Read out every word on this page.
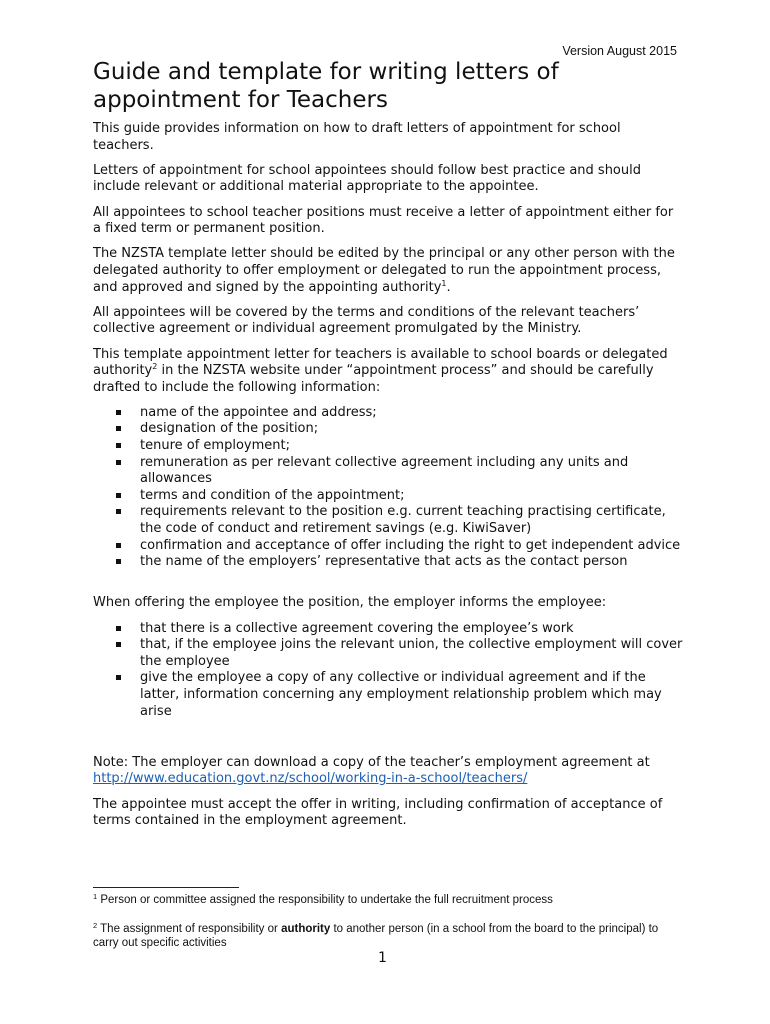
Version August 2015
Guide and template for writing letters of appointment for Teachers

This guide provides information on how to draft letters of appointment for school teachers.

Letters of appointment for school appointees should follow best practice and should include relevant or additional material appropriate to the appointee.

All appointees to school teacher positions must receive a letter of appointment either for a fixed term or permanent position.

The NZSTA template letter should be edited by the principal or any other person with the delegated authority to offer employment or delegated to run the appointment process, and approved and signed by the appointing authority$^1$.

All appointees will be covered by the terms and conditions of the relevant teachers’ collective agreement or individual agreement promulgated by the Ministry.

This template appointment letter for teachers is available to school boards or delegated authority$^2$ in the NZSTA website under “appointment process” and should be carefully drafted to include the following information:

name of the appointee and address;
designation of the position;
tenure of employment;
remuneration as per relevant collective agreement including any units and allowances
terms and condition of the appointment;
requirements relevant to the position e.g. current teaching practising certificate, the code of conduct and retirement savings (e.g. KiwiSaver)
confirmation and acceptance of offer including the right to get independent advice
the name of the employers’ representative that acts as the contact person

When offering the employee the position, the employer informs the employee:

that there is a collective agreement covering the employee’s work
that, if the employee joins the relevant union, the collective employment will cover the employee
give the employee a copy of any collective or individual agreement and if the latter, information concerning any employment relationship problem which may arise

Note: The employer can download a copy of the teacher’s employment agreement at http://www.education.govt.nz/school/working-in-a-school/teachers/

The appointee must accept the offer in writing, including confirmation of acceptance of terms contained in the employment agreement.

$^1$ Person or committee assigned the responsibility to undertake the full recruitment process

$^2$ The assignment of responsibility or authority to another person (in a school from the board to the principal) to carry out specific activities

1
